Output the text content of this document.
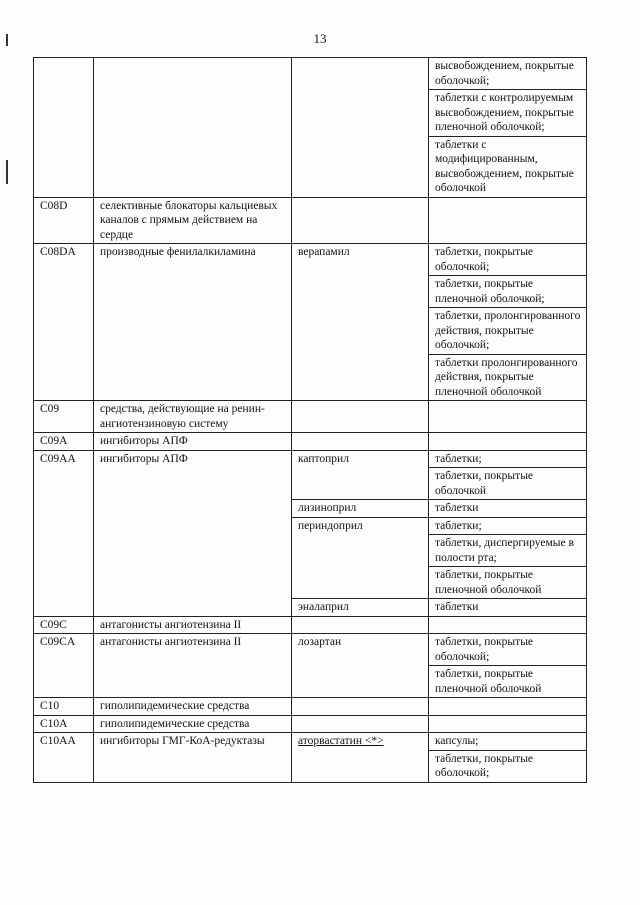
13
			высвобождением, покрытые оболочкой;
			таблетки с контролируемым высвобождением, покрытые пленочной оболочкой;
			таблетки с модифицированным, высвобождением, покрытые оболочкой
C08D	селективные блокаторы кальциевых каналов с прямым действием на сердце		
C08DA	производные фенилалкиламина	верапамил	таблетки, покрытые оболочкой;
			таблетки, покрытые пленочной оболочкой;
			таблетки, пролонгированного действия, покрытые оболочкой;
			таблетки пролонгированного действия, покрытые пленочной оболочкой
C09	средства, действующие на ренин-ангиотензиновую систему		
C09A	ингибиторы АПФ		
C09AA	ингибиторы АПФ	каптоприл	таблетки;
			таблетки, покрытые оболочкой
		лизиноприл	таблетки
		периндоприл	таблетки;
			таблетки, диспергируемые в полости рта;
			таблетки, покрытые пленочной оболочкой
		эналаприл	таблетки
C09C	антагонисты ангиотензина II		
C09CA	антагонисты ангиотензина II	лозартан	таблетки, покрытые оболочкой;
			таблетки, покрытые пленочной оболочкой
C10	гиполипидемические средства		
C10A	гиполипидемические средства		
C10AA	ингибиторы ГМГ-КоА-редуктазы	аторвастатин <*>	капсулы;
			таблетки, покрытые оболочкой;
